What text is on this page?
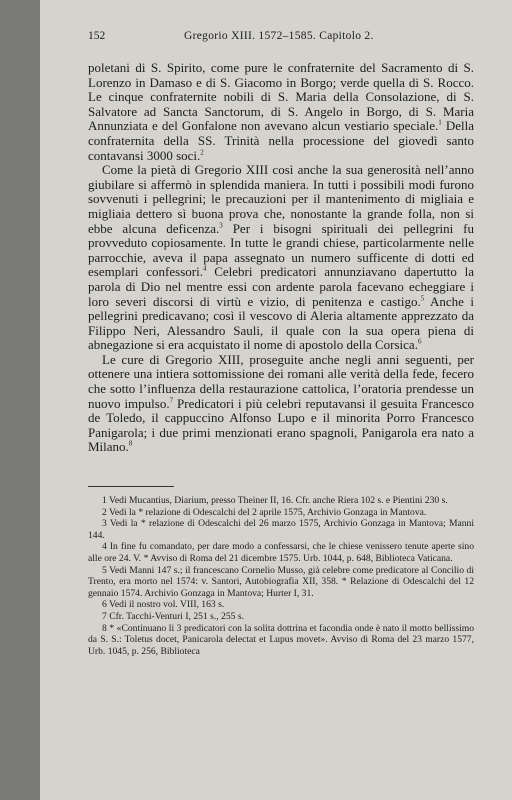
152	Gregorio XIII. 1572–1585. Capitolo 2.

poletani di S. Spirito, come pure le confraternite del Sacramento di S. Lorenzo in Damaso e di S. Giacomo in Borgo; verde quella di S. Rocco. Le cinque confraternite nobili di S. Maria della Consolazione, di S. Salvatore ad Sancta Sanctorum, di S. Angelo in Borgo, di S. Maria Annunziata e del Gonfalone non avevano alcun vestiario speciale.$^1$ Della confraternita della SS. Trinità nella processione del giovedì santo contavansi 3000 soci.$^2$

Come la pietà di Gregorio XIII così anche la sua generosità nell’anno giubilare si affermò in splendida maniera. In tutti i possibili modi furono sovvenuti i pellegrini; le precauzioni per il mantenimento di migliaia e migliaia dettero sì buona prova che, nonostante la grande folla, non si ebbe alcuna deficenza.$^3$ Per i bisogni spirituali dei pellegrini fu provveduto copiosamente. In tutte le grandi chiese, particolarmente nelle parrocchie, aveva il papa assegnato un numero sufficente di dotti ed esemplari confessori.$^4$ Celebri predicatori annunziavano dapertutto la parola di Dio nel mentre essi con ardente parola facevano echeggiare i loro severi discorsi di virtù e vizio, di penitenza e castigo.$^5$ Anche i pellegrini predicavano; così il vescovo di Aleria altamente apprezzato da Filippo Neri, Alessandro Sauli, il quale con la sua opera piena di abnegazione si era acquistato il nome di apostolo della Corsica.$^6$

Le cure di Gregorio XIII, proseguite anche negli anni seguenti, per ottenere una intiera sottomissione dei romani alle verità della fede, fecero che sotto l’influenza della restaurazione cattolica, l’oratoria prendesse un nuovo impulso.$^7$ Predicatori i più celebri reputavansi il gesuita Francesco de Toledo, il cappuccino Alfonso Lupo e il minorita Porro Francesco Panigarola; i due primi menzionati erano spagnoli, Panigarola era nato a Milano.$^8$

1 Vedi Mucantius, Diarium, presso Theiner II, 16. Cfr. anche Riera 102 s. e Pientini 230 s.

2 Vedi la * relazione di Odescalchi del 2 aprile 1575, Archivio Gonzaga in Mantova.

3 Vedi la * relazione di Odescalchi del 26 marzo 1575, Archivio Gonzaga in Mantova; Manni 144.

4 In fine fu comandato, per dare modo a confessarsi, che le chiese venissero tenute aperte sino alle ore 24. V. * Avviso di Roma del 21 dicembre 1575. Urb. 1044, p. 648, Biblioteca Vaticana.

5 Vedi Manni 147 s.; il francescano Cornelio Musso, già celebre come predicatore al Concilio di Trento, era morto nel 1574: v. Santori, Autobiografia XII, 358. * Relazione di Odescalchi del 12 gennaio 1574. Archivio Gonzaga in Mantova; Hurter I, 31.

6 Vedi il nostro vol. VIII, 163 s.

7 Cfr. Tacchi-Venturi I, 251 s., 255 s.

8 * «Continuano li 3 predicatori con la solita dottrina et facondia onde è nato il motto bellissimo da S. S.: Toletus docet, Panicarola delectat et Lupus movet». Avviso di Roma del 23 marzo 1577, Urb. 1045, p. 256, Biblioteca
